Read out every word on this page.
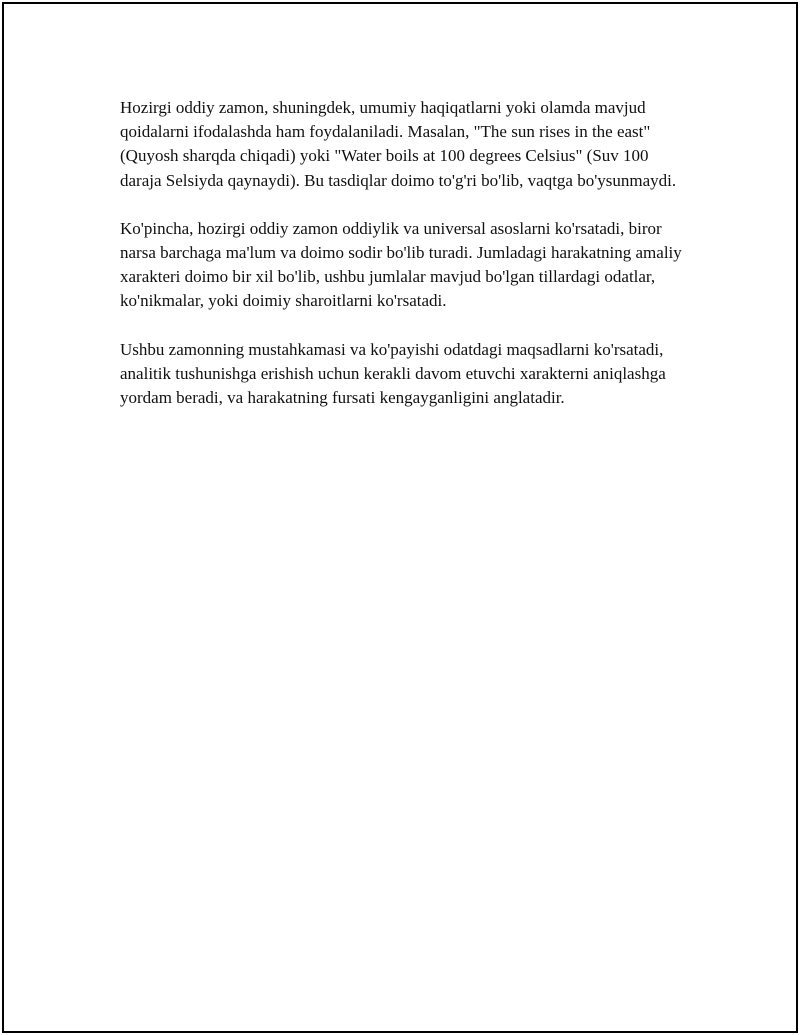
Hozirgi oddiy zamon, shuningdek, umumiy haqiqatlarni yoki olamda mavjud qoidalarni ifodalashda ham foydalaniladi. Masalan, "The sun rises in the east" (Quyosh sharqda chiqadi) yoki "Water boils at 100 degrees Celsius" (Suv 100 daraja Selsiyda qaynaydi). Bu tasdiqlar doimo to'g'ri bo'lib, vaqtga bo'ysunmaydi.

Ko'pincha, hozirgi oddiy zamon oddiylik va universal asoslarni ko'rsatadi, biror narsa barchaga ma'lum va doimo sodir bo'lib turadi. Jumladagi harakatning amaliy xarakteri doimo bir xil bo'lib, ushbu jumlalar mavjud bo'lgan tillardagi odatlar, ko'nikmalar, yoki doimiy sharoitlarni ko'rsatadi.

Ushbu zamonning mustahkamasi va ko'payishi odatdagi maqsadlarni ko'rsatadi, analitik tushunishga erishish uchun kerakli davom etuvchi xarakterni aniqlashga yordam beradi, va harakatning fursati kengayganligini anglatadir.
